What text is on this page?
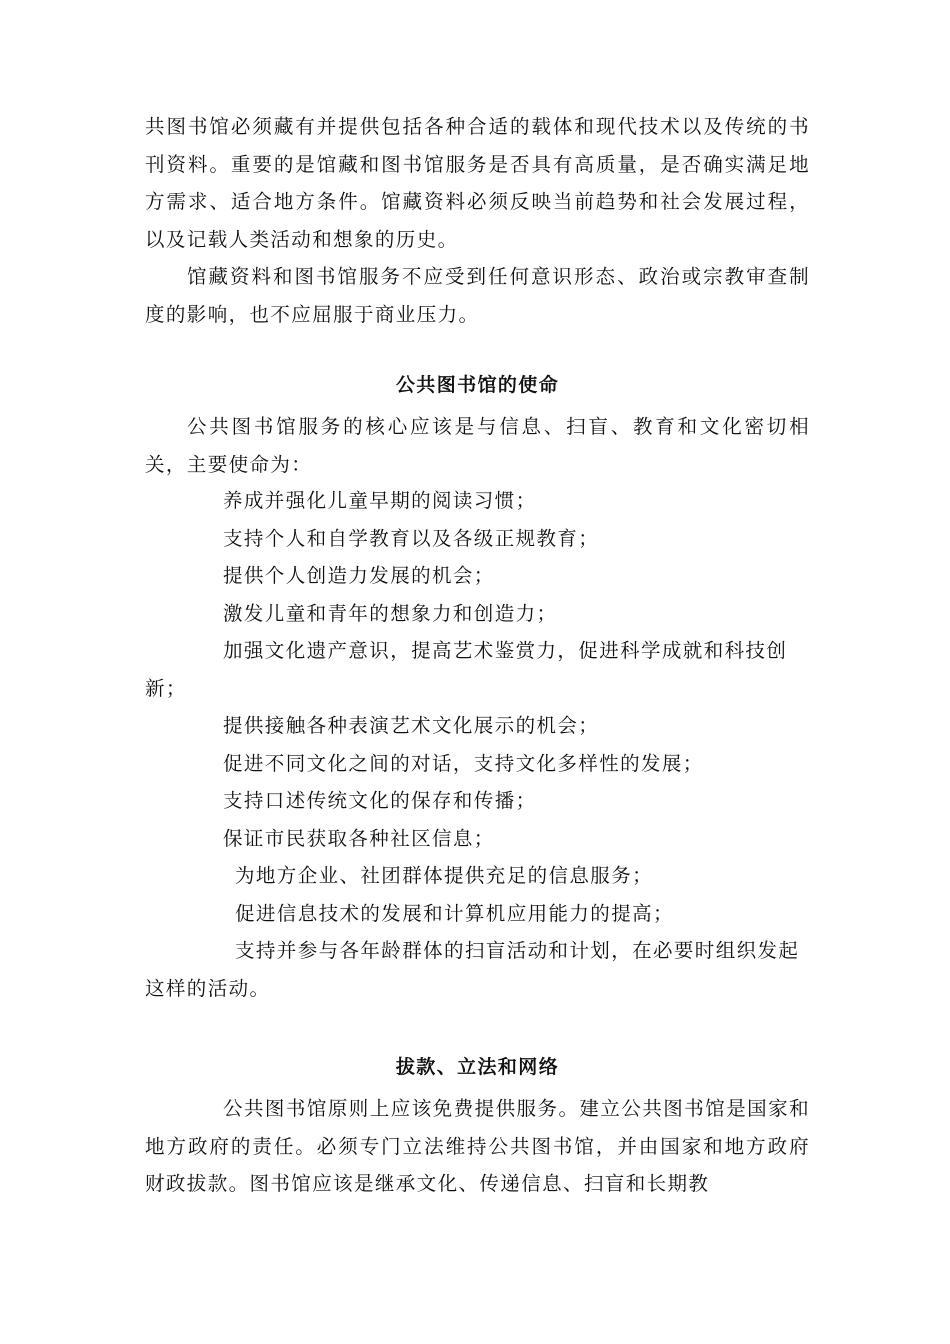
共图书馆必须藏有并提供包括各种合适的载体和现代技术以及传统的书刊资料。重要的是馆藏和图书馆服务是否具有高质量，是否确实满足地方需求、适合地方条件。馆藏资料必须反映当前趋势和社会发展过程，以及记载人类活动和想象的历史。

馆藏资料和图书馆服务不应受到任何意识形态、政治或宗教审查制度的影响，也不应屈服于商业压力。

公共图书馆的使命

公共图书馆服务的核心应该是与信息、扫盲、教育和文化密切相关，主要使命为：

养成并强化儿童早期的阅读习惯；
支持个人和自学教育以及各级正规教育；
提供个人创造力发展的机会；
激发儿童和青年的想象力和创造力；
加强文化遗产意识，提高艺术鉴赏力，促进科学成就和科技创新；
提供接触各种表演艺术文化展示的机会；
促进不同文化之间的对话，支持文化多样性的发展；
支持口述传统文化的保存和传播；
保证市民获取各种社区信息；
为地方企业、社团群体提供充足的信息服务；
促进信息技术的发展和计算机应用能力的提高；
支持并参与各年龄群体的扫盲活动和计划，在必要时组织发起这样的活动。
拔款、立法和网络

公共图书馆原则上应该免费提供服务。建立公共图书馆是国家和地方政府的责任。必须专门立法维持公共图书馆，并由国家和地方政府财政拔款。图书馆应该是继承文化、传递信息、扫盲和长期教
